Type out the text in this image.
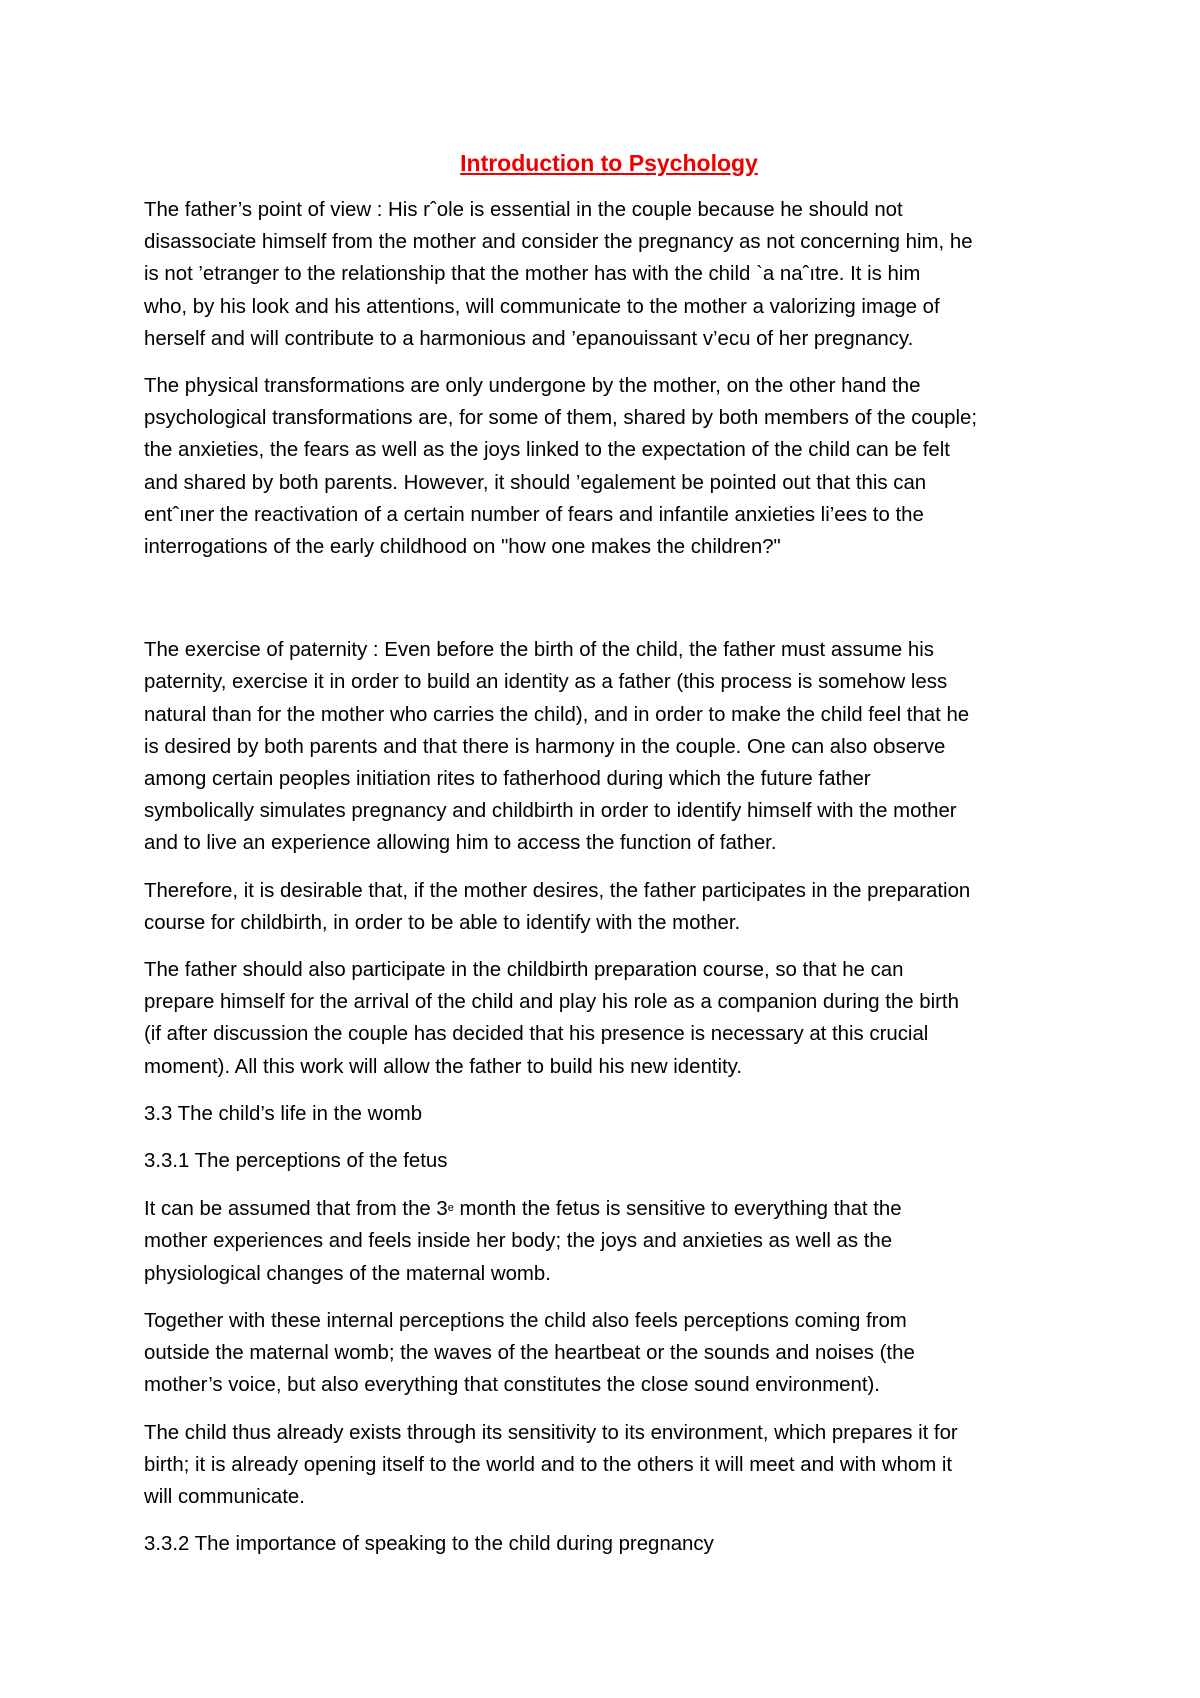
Introduction to Psychology

The father’s point of view : His rˆole is essential in the couple because he should not
disassociate himself from the mother and consider the pregnancy as not concerning him, he
is not ’etranger to the relationship that the mother has with the child `a naˆıtre. It is him
who, by his look and his attentions, will communicate to the mother a valorizing image of
herself and will contribute to a harmonious and ’epanouissant v’ecu of her pregnancy.

The physical transformations are only undergone by the mother, on the other hand the
psychological transformations are, for some of them, shared by both members of the couple;
the anxieties, the fears as well as the joys linked to the expectation of the child can be felt
and shared by both parents. However, it should ’egalement be pointed out that this can
entˆıner the reactivation of a certain number of fears and infantile anxieties li’ees to the
interrogations of the early childhood on "how one makes the children?"

The exercise of paternity : Even before the birth of the child, the father must assume his
paternity, exercise it in order to build an identity as a father (this process is somehow less
natural than for the mother who carries the child), and in order to make the child feel that he
is desired by both parents and that there is harmony in the couple. One can also observe
among certain peoples initiation rites to fatherhood during which the future father
symbolically simulates pregnancy and childbirth in order to identify himself with the mother
and to live an experience allowing him to access the function of father.

Therefore, it is desirable that, if the mother desires, the father participates in the preparation
course for childbirth, in order to be able to identify with the mother.

The father should also participate in the childbirth preparation course, so that he can
prepare himself for the arrival of the child and play his role as a companion during the birth
(if after discussion the couple has decided that his presence is necessary at this crucial
moment). All this work will allow the father to build his new identity.

3.3 The child’s life in the womb

3.3.1 The perceptions of the fetus

It can be assumed that from the 3e month the fetus is sensitive to everything that the
mother experiences and feels inside her body; the joys and anxieties as well as the
physiological changes of the maternal womb.

Together with these internal perceptions the child also feels perceptions coming from
outside the maternal womb; the waves of the heartbeat or the sounds and noises (the
mother’s voice, but also everything that constitutes the close sound environment).

The child thus already exists through its sensitivity to its environment, which prepares it for
birth; it is already opening itself to the world and to the others it will meet and with whom it
will communicate.

3.3.2 The importance of speaking to the child during pregnancy
